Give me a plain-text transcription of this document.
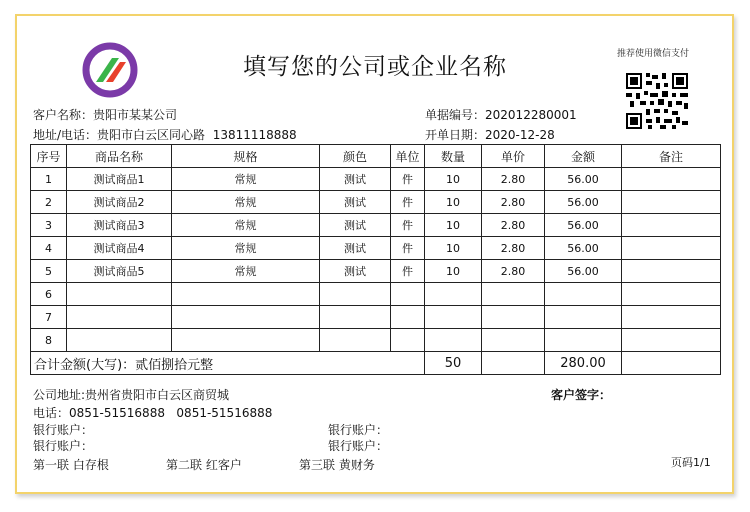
填写您的公司或企业名称	推荐使用微信支付
客户名称：贵阳市某某公司
地址/电话：贵阳市白云区同心路 13811118888
单据编号：202012280001
开单日期：2020-12-28
序号	商品名称	规格	颜色	单位	数量	单价	金额	备注
1	测试商品1	常规	测试	件	10	2.80	56.00	
2	测试商品2	常规	测试	件	10	2.80	56.00	
3	测试商品3	常规	测试	件	10	2.80	56.00	
4	测试商品4	常规	测试	件	10	2.80	56.00	
5	测试商品5	常规	测试	件	10	2.80	56.00	
6								
7								
8								
合计金额(大写)：贰佰捌拾元整					50		280.00	
公司地址:贵州省贵阳市白云区商贸城	客户签字：
电话：0851-51516888 0851-51516888
银行账户：	银行账户：
银行账户：	银行账户：
第一联 白存根	第二联 红客户	第三联 黄财务	页码1/1
